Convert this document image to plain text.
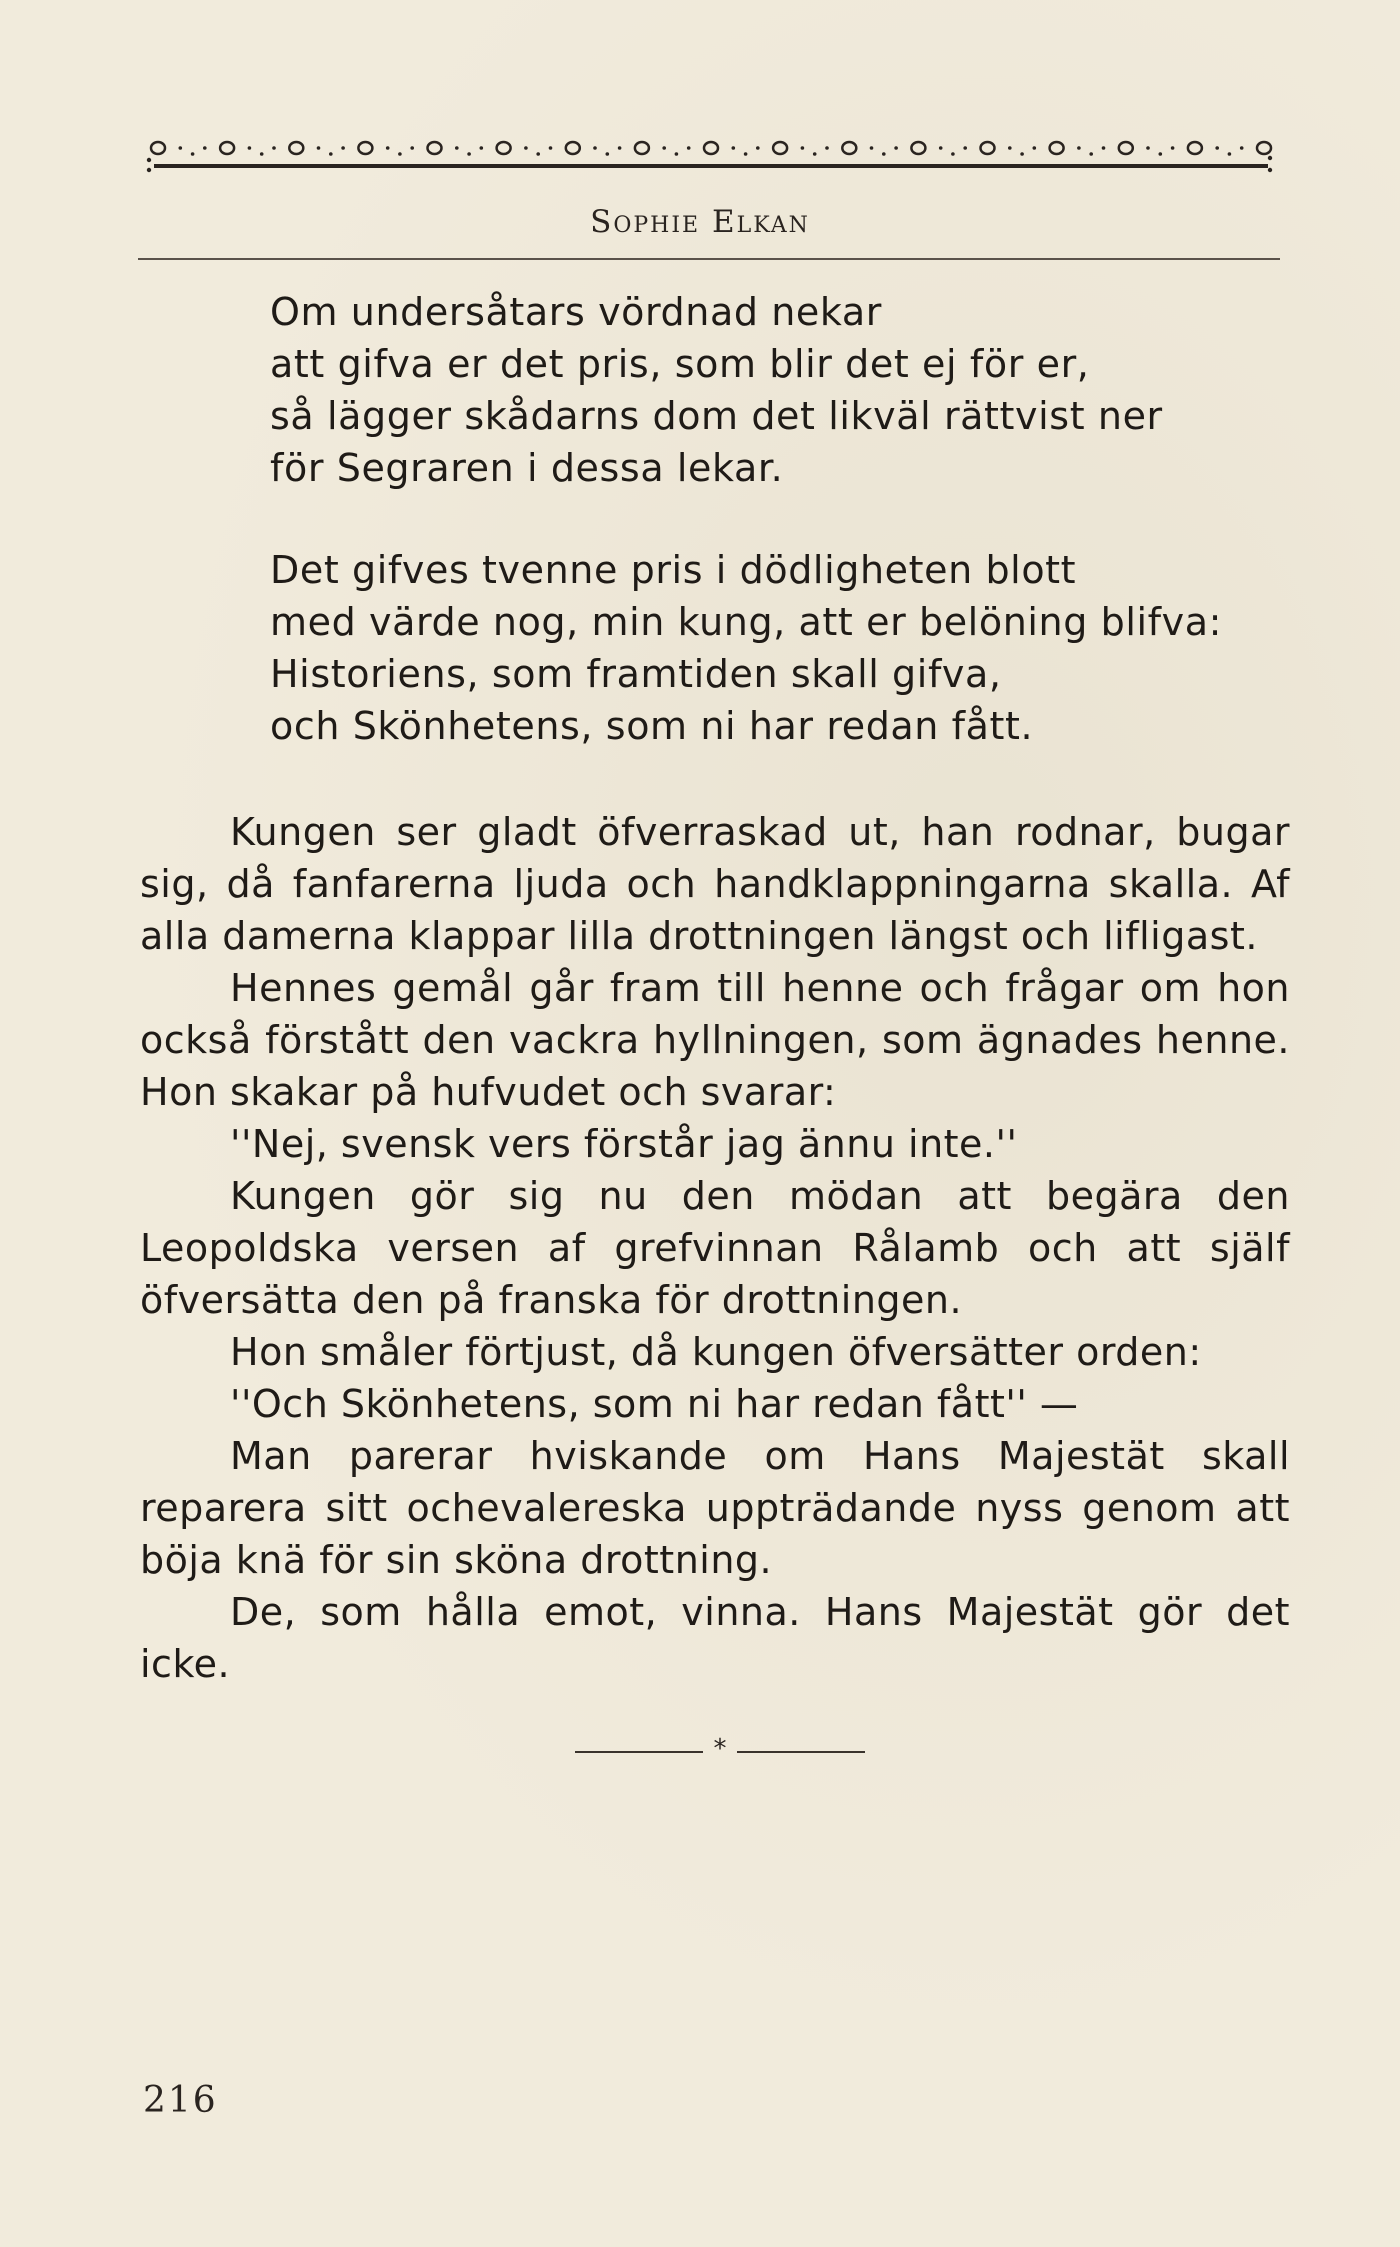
Sophie Elkan
Om undersåtars vördnad nekar
att gifva er det pris, som blir det ej för er,
så lägger skådarns dom det likväl rättvist ner
för Segraren i dessa lekar.
Det gifves tvenne pris i dödligheten blott
med värde nog, min kung, att er belöning blifva:
Historiens, som framtiden skall gifva,
och Skönhetens, som ni har redan fått.

Kungen ser gladt öfverraskad ut, han rodnar, bugar sig, då fanfarerna ljuda och handklappningarna skalla. Af alla damerna klappar lilla drottningen längst och lifligast.

Hennes gemål går fram till henne och frågar om hon också förstått den vackra hyllningen, som ägnades henne. Hon skakar på hufvudet och svarar:

''Nej, svensk vers förstår jag ännu inte.''

Kungen gör sig nu den mödan att begära den Leopoldska versen af grefvinnan Rålamb och att själf öfversätta den på franska för drottningen.

Hon småler förtjust, då kungen öfversätter orden:

''Och Skönhetens, som ni har redan fått'' —

Man parerar hviskande om Hans Majestät skall reparera sitt ochevalereska uppträdande nyss genom att böja knä för sin sköna drottning.

De, som hålla emot, vinna. Hans Majestät gör det icke.

*
216
